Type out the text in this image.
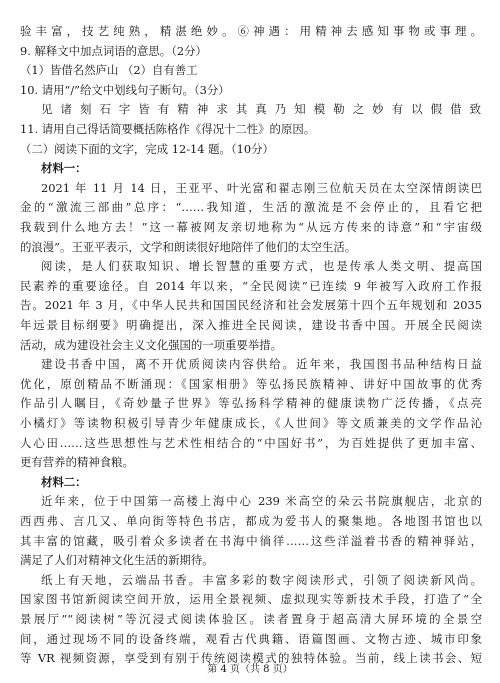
验丰富，技艺纯熟，精湛绝妙。⑥神遇：用精神去感知事物或事理。
9. 解释文中加点词语的意思。（2分）
（1）皆借名然庐山 （2）自有善工
10. 请用“/”给文中划线句子断句。（3分）
见诸刻石字皆有精神求其真乃知模勒之妙有以假借致
11. 请用自己得话简要概括陈格作《得况十二性》的原因。
（二）阅读下面的文字，完成 12-14 题。（10分）
材料一：
2021 年 11 月 14 日，王亚平、叶光富和翟志刚三位航天员在太空深情朗读巴
金的“激流三部曲”总序：“……我知道，生活的激流是不会停止的，且看它把
我载到什么地方去！”这一幕被网友亲切地称为“从远方传来的诗意”和“宇宙级
的浪漫”。王亚平表示，文学和朗读很好地陪伴了他们的太空生活。
阅读，是人们获取知识、增长智慧的重要方式，也是传承人类文明、提高国
民素养的重要途径。自 2014 年以来，“全民阅读”已连续 9 年被写入政府工作报
告。2021 年 3 月，《中华人民共和国国民经济和社会发展第十四个五年规划和 2035
年远景目标纲要》明确提出，深入推进全民阅读，建设书香中国。开展全民阅读
活动，成为建设社会主义文化强国的一项重要举措。
建设书香中国，离不开优质阅读内容供给。近年来，我国图书品种结构日益
优化，原创精品不断涌现：《国家相册》等弘扬民族精神、讲好中国故事的优秀
作品引人瞩目，《奇妙量子世界》等弘扬科学精神的健康读物广泛传播，《点亮
小橘灯》等读物积极引导青少年健康成长，《人世间》等文质兼美的文学作品沁
人心田……这些思想性与艺术性相结合的“中国好书”，为百姓提供了更加丰富、
更有营养的精神食粮。
材料二：
近年来，位于中国第一高楼上海中心 239 米高空的朵云书院旗舰店，北京的
西西弗、言几又、单向街等特色书店，都成为爱书人的聚集地。各地图书馆也以
其丰富的馆藏，吸引着众多读者在书海中徜徉……这些洋溢着书香的精神驿站，
满足了人们对精神文化生活的新期待。
纸上有天地，云端品书香。丰富多彩的数字阅读形式，引领了阅读新风尚。
国家图书馆新阅读空间开放，运用全景视频、虚拟现实等新技术手段，打造了“全
景展厅”“阅读树”等沉浸式阅读体验区。读者置身于超高清大屏环境的全景空
间，通过现场不同的设备终端，观看古代典籍、语篇图画、文物古迹、城市印象
等 VR 视频资源，享受到有别于传统阅读模式的独特体验。当前，线上读书会、短
第 4 页（共 8 页）
